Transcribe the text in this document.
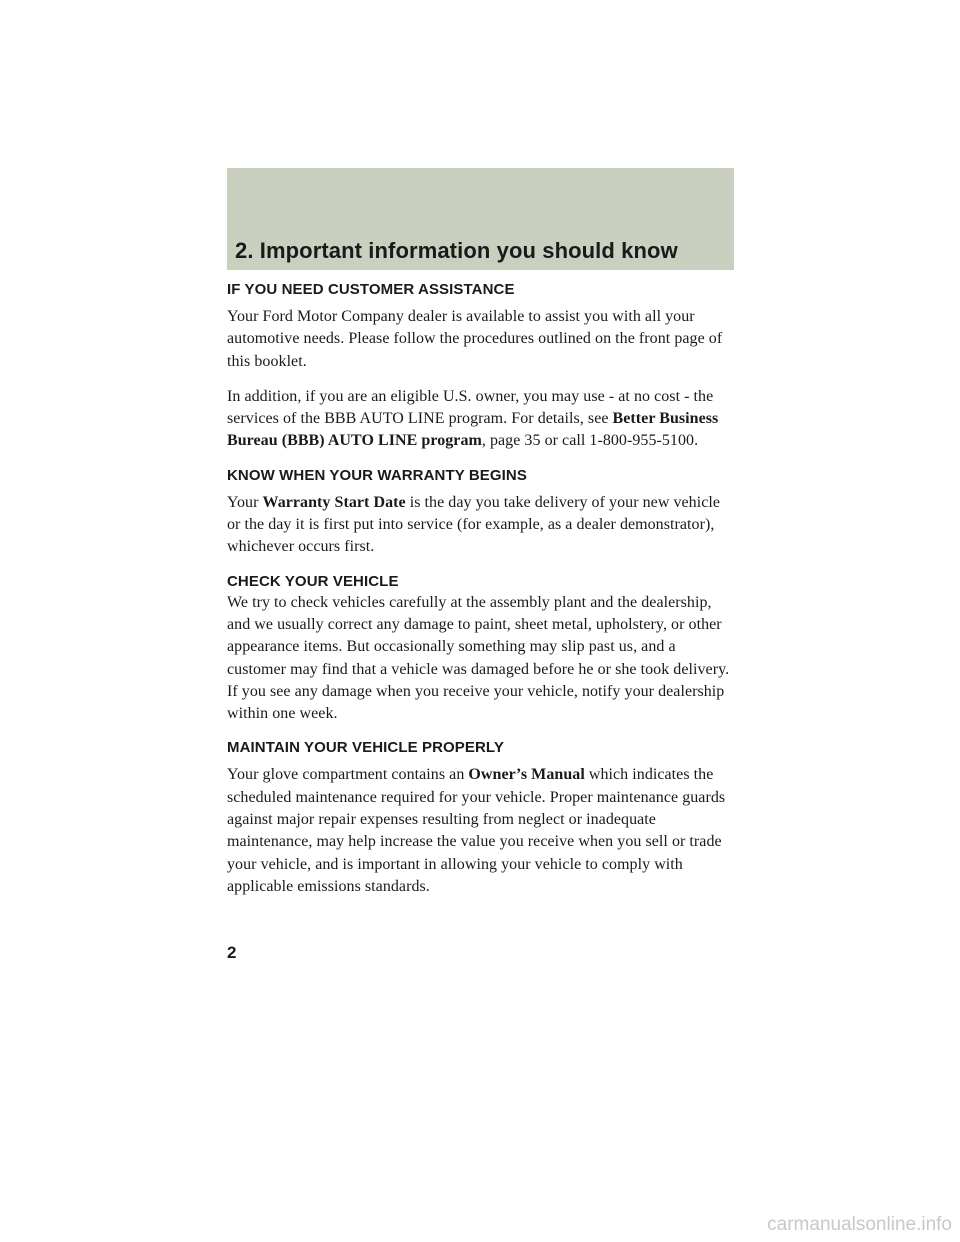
2. Important information you should know
IF YOU NEED CUSTOMER ASSISTANCE

Your Ford Motor Company dealer is available to assist you with all your automotive needs. Please follow the procedures outlined on the front page of this booklet.

In addition, if you are an eligible U.S. owner, you may use - at no cost - the services of the BBB AUTO LINE program. For details, see Better Business Bureau (BBB) AUTO LINE program, page 35 or call 1-800-955-5100.

KNOW WHEN YOUR WARRANTY BEGINS

Your Warranty Start Date is the day you take delivery of your new vehicle or the day it is first put into service (for example, as a dealer demonstrator), whichever occurs first.

CHECK YOUR VEHICLE

We try to check vehicles carefully at the assembly plant and the dealership, and we usually correct any damage to paint, sheet metal, upholstery, or other appearance items. But occasionally something may slip past us, and a customer may find that a vehicle was damaged before he or she took delivery. If you see any damage when you receive your vehicle, notify your dealership within one week.

MAINTAIN YOUR VEHICLE PROPERLY

Your glove compartment contains an Owner’s Manual which indicates the scheduled maintenance required for your vehicle. Proper maintenance guards against major repair expenses resulting from neglect or inadequate maintenance, may help increase the value you receive when you sell or trade your vehicle, and is important in allowing your vehicle to comply with applicable emissions standards.

2

carmanualsonline.info
